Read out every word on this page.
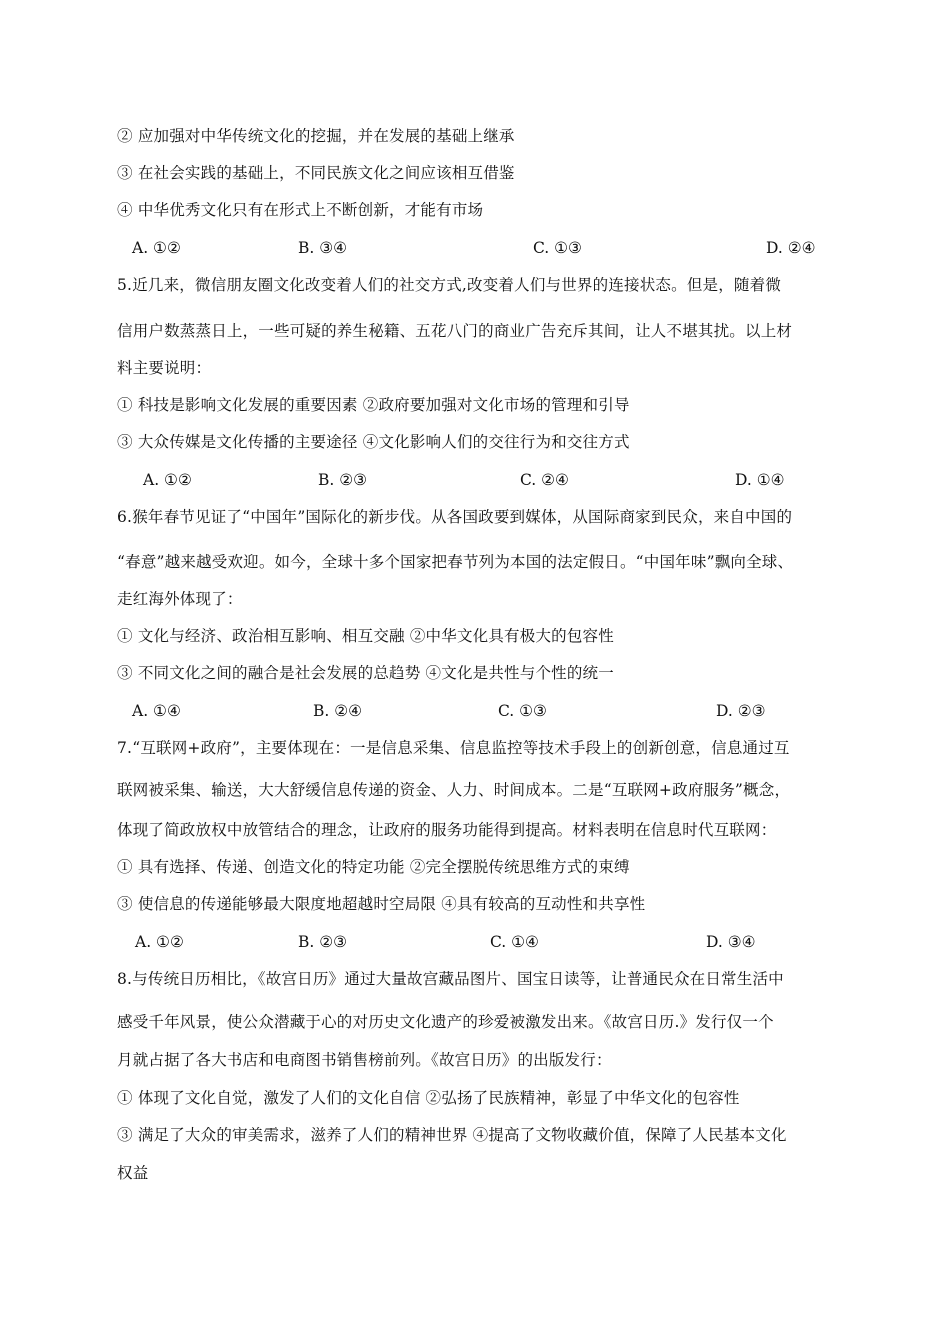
② 应加强对中华传统文化的挖掘，并在发展的基础上继承
③ 在社会实践的基础上，不同民族文化之间应该相互借鉴
④ 中华优秀文化只有在形式上不断创新，才能有市场
A. ①②	B. ③④	C. ①③	D. ②④
5.近几来，微信朋友圈文化改变着人们的社交方式,改变着人们与世界的连接状态。但是，随着微
信用户数蒸蒸日上，一些可疑的养生秘籍、五花八门的商业广告充斥其间，让人不堪其扰。以上材
料主要说明：
① 科技是影响文化发展的重要因素 ②政府要加强对文化市场的管理和引导
③ 大众传媒是文化传播的主要途径 ④文化影响人们的交往行为和交往方式
A. ①②	B. ②③	C. ②④	D. ①④
6.猴年春节见证了“中国年”国际化的新步伐。从各国政要到媒体，从国际商家到民众，来自中国的
“春意”越来越受欢迎。如今，全球十多个国家把春节列为本国的法定假日。“中国年味”飘向全球、
走红海外体现了：
① 文化与经济、政治相互影响、相互交融 ②中华文化具有极大的包容性
③ 不同文化之间的融合是社会发展的总趋势 ④文化是共性与个性的统一
A. ①④	B. ②④	C. ①③	D. ②③
7.“互联网+政府”，主要体现在：一是信息采集、信息监控等技术手段上的创新创意，信息通过互
联网被采集、输送，大大舒缓信息传递的资金、人力、时间成本。二是“互联网+政府服务”概念，
体现了简政放权中放管结合的理念，让政府的服务功能得到提高。材料表明在信息时代互联网：
① 具有选择、传递、创造文化的特定功能 ②完全摆脱传统思维方式的束缚
③ 使信息的传递能够最大限度地超越时空局限 ④具有较高的互动性和共享性
A. ①②	B. ②③	C. ①④	D. ③④
8.与传统日历相比，《故宫日历》通过大量故宫藏品图片、国宝日读等，让普通民众在日常生活中
感受千年风景，使公众潜藏于心的对历史文化遗产的珍爱被激发出来。《故宫日历.》发行仅一个
月就占据了各大书店和电商图书销售榜前列。《故宫日历》的出版发行：
① 体现了文化自觉，激发了人们的文化自信 ②弘扬了民族精神，彰显了中华文化的包容性
③ 满足了大众的审美需求，滋养了人们的精神世界 ④提高了文物收藏价值，保障了人民基本文化
权益
